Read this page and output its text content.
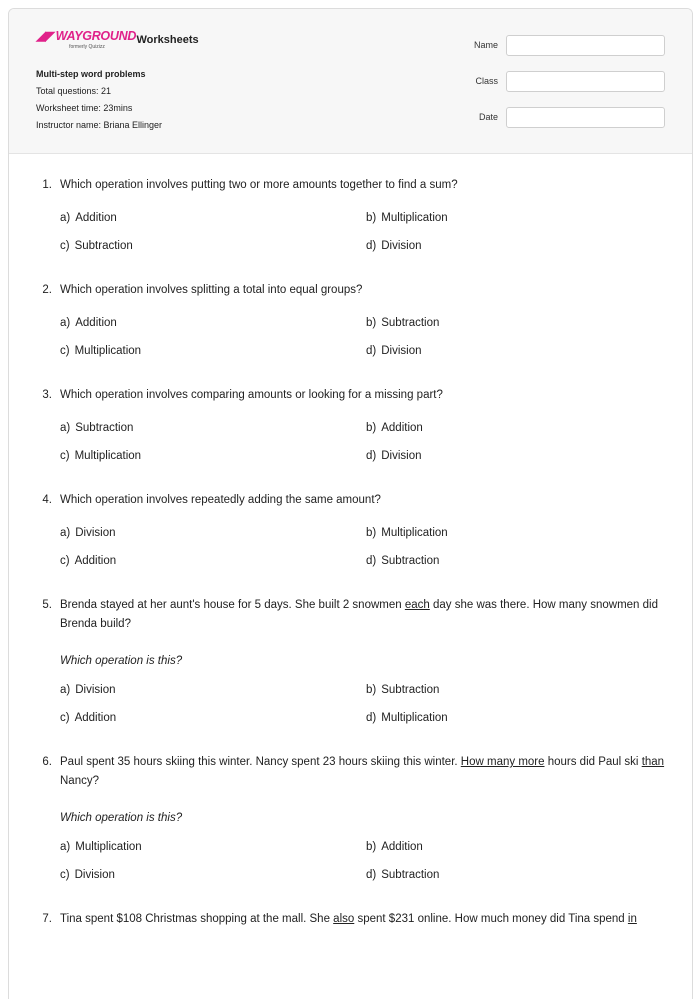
◢◤WAYGROUND
formerly Quizizz
Worksheets
Multi-step word problems
Total questions: 21
Worksheet time: 23mins
Instructor name: Briana Ellinger
Name
Class
Date
1. Which operation involves putting two or more amounts together to find a sum?
a) Addition	b) Multiplication
c) Subtraction	d) Division
2. Which operation involves splitting a total into equal groups?
a) Addition	b) Subtraction
c) Multiplication	d) Division
3. Which operation involves comparing amounts or looking for a missing part?
a) Subtraction	b) Addition
c) Multiplication	d) Division
4. Which operation involves repeatedly adding the same amount?
a) Division	b) Multiplication
c) Addition	d) Subtraction
5. Brenda stayed at her aunt's house for 5 days. She built 2 snowmen each day she was there. How many snowmen did Brenda build?
Which operation is this?
a) Division	b) Subtraction
c) Addition	d) Multiplication
6. Paul spent 35 hours skiing this winter. Nancy spent 23 hours skiing this winter. How many more hours did Paul ski than Nancy?
Which operation is this?
a) Multiplication	b) Addition
c) Division	d) Subtraction
7. Tina spent $108 Christmas shopping at the mall. She also spent $231 online. How much money did Tina spend in
